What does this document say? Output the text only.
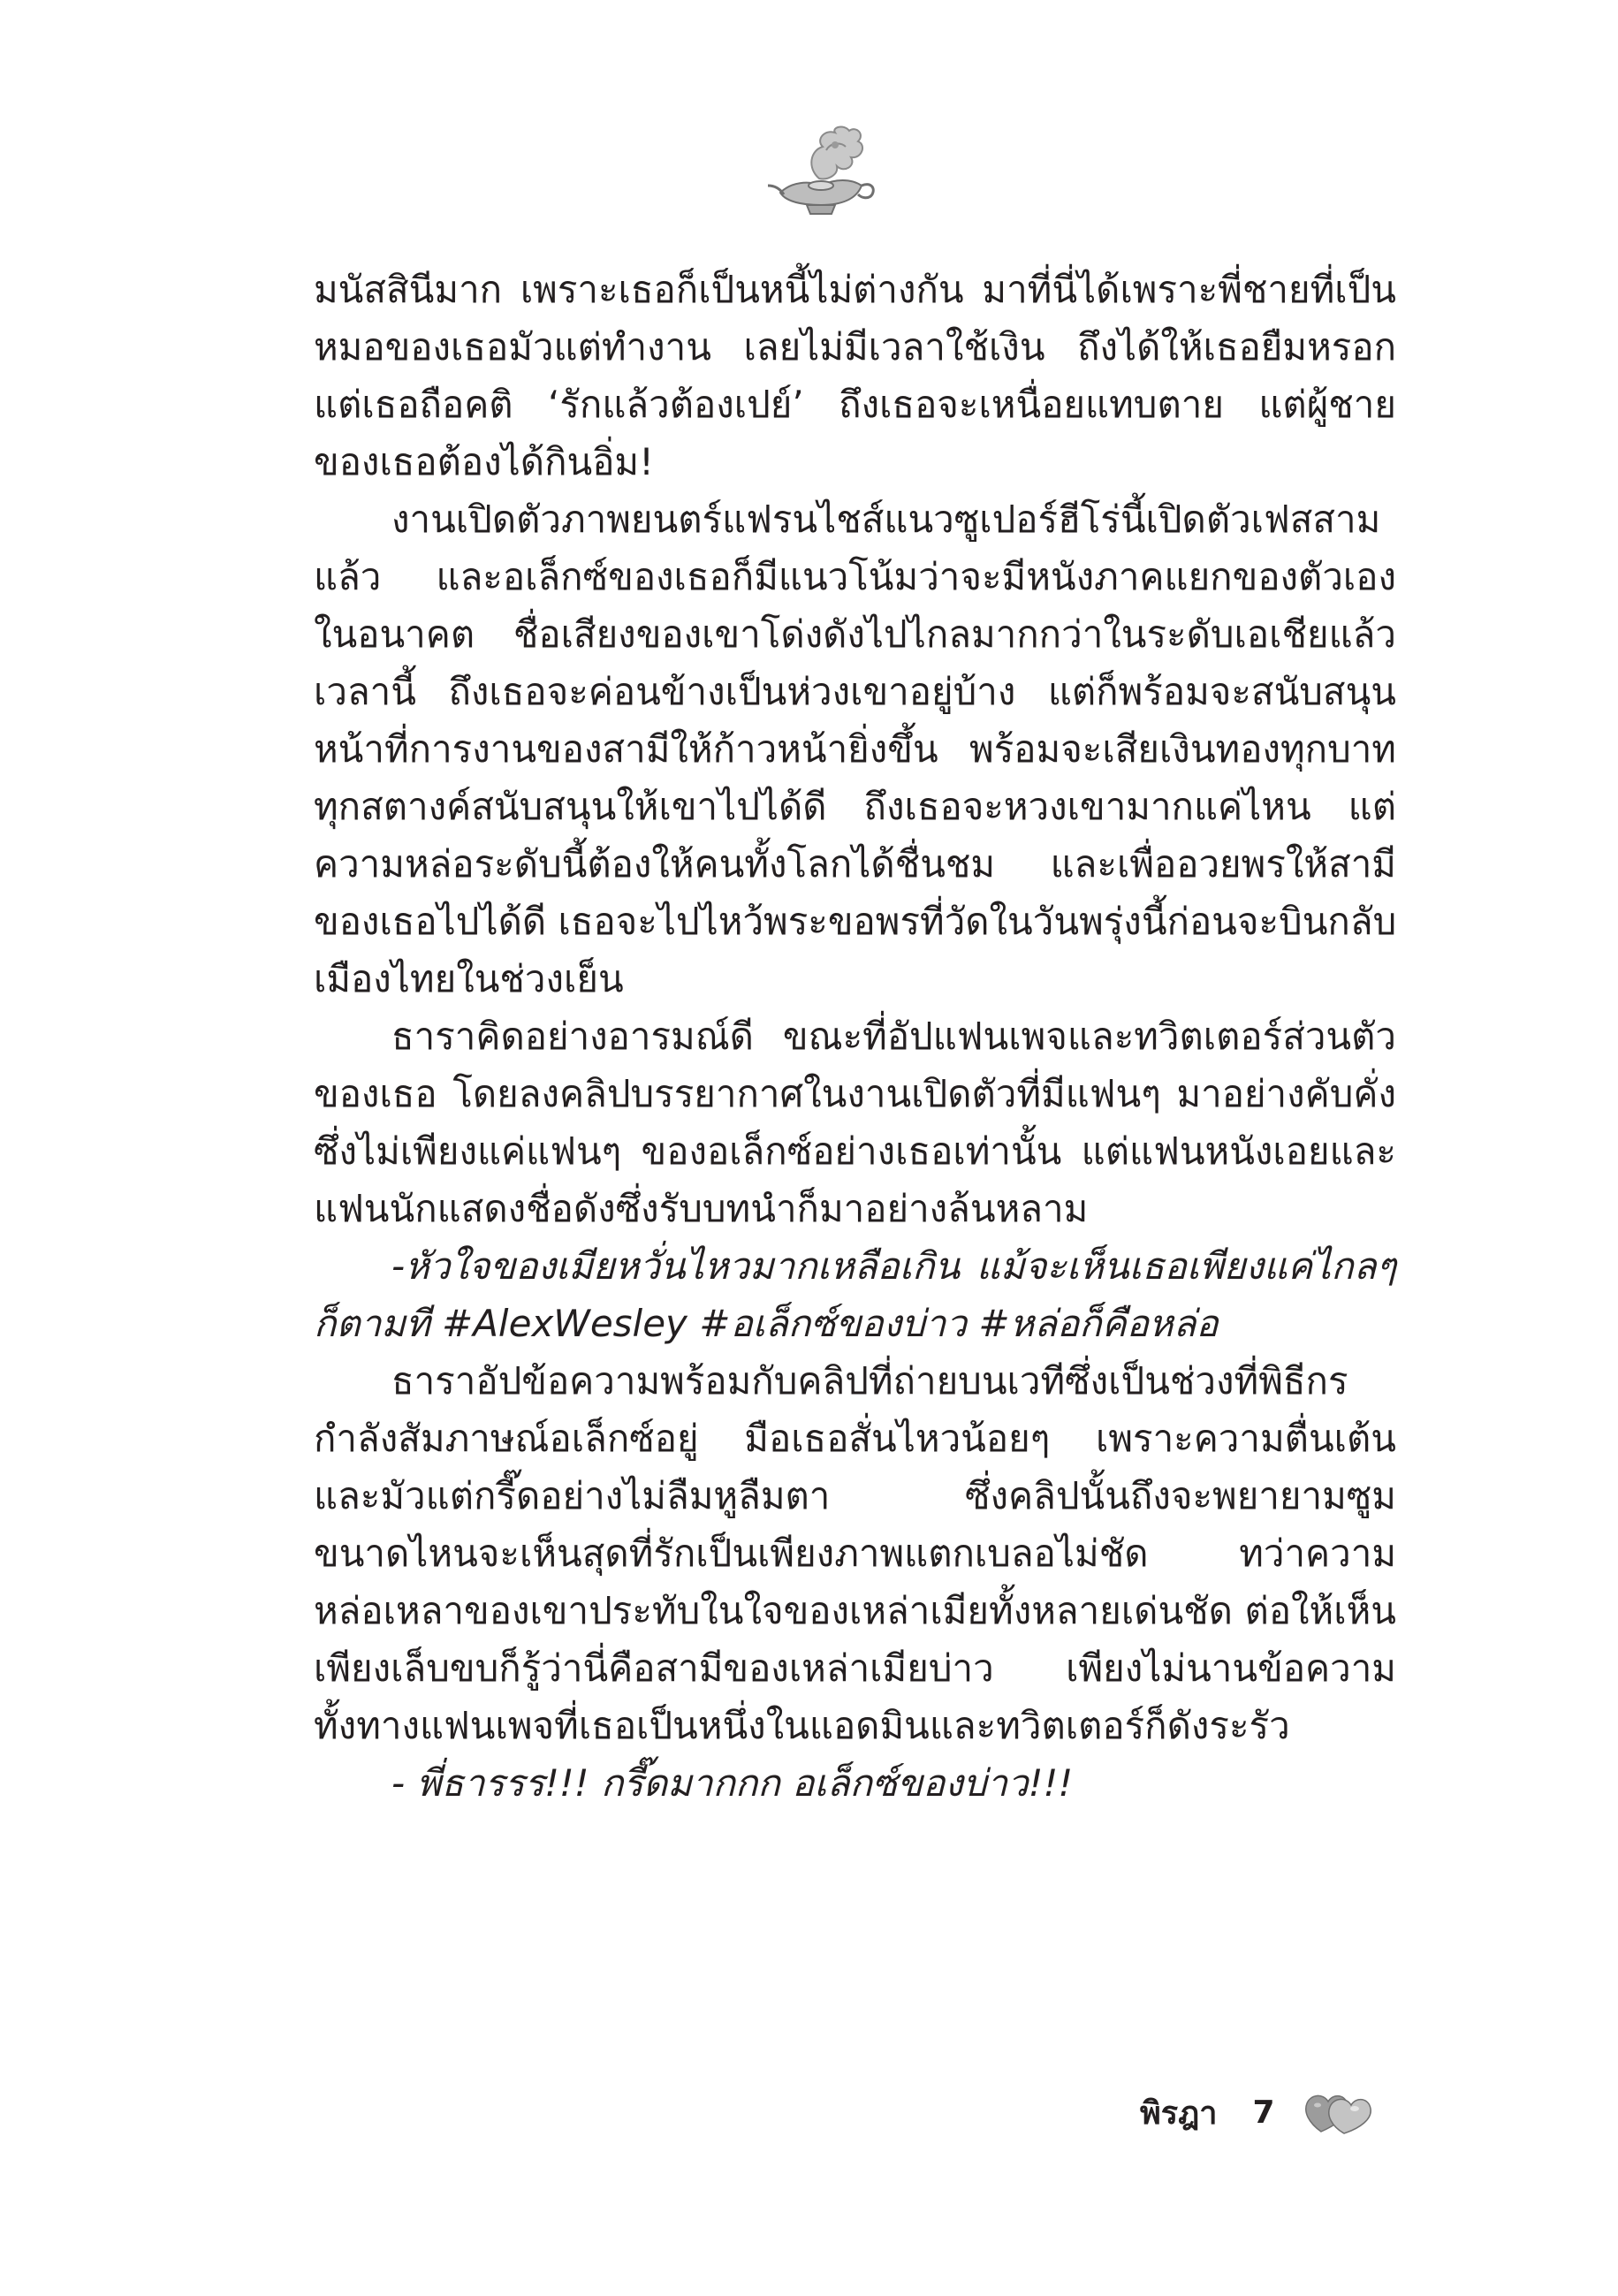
มนัสสินีมาก เพราะเธอก็เป็นหนี้ไม่ต่างกัน มาที่นี่ได้เพราะพี่ชายที่เป็น
หมอของเธอมัวแต่ทำงาน เลยไม่มีเวลาใช้เงิน ถึงได้ให้เธอยืมหรอก
แต่เธอถือคติ ‘รักแล้วต้องเปย์’ ถึงเธอจะเหนื่อยแทบตาย แต่ผู้ชาย
ของเธอต้องได้กินอิ่ม!
งานเปิดตัวภาพยนตร์แฟรนไชส์แนวซูเปอร์ฮีโร่นี้เปิดตัวเฟสสาม
แล้ว และอเล็กซ์ของเธอก็มีแนวโน้มว่าจะมีหนังภาคแยกของตัวเอง
ในอนาคต ชื่อเสียงของเขาโด่งดังไปไกลมากกว่าในระดับเอเชียแล้ว
เวลานี้ ถึงเธอจะค่อนข้างเป็นห่วงเขาอยู่บ้าง แต่ก็พร้อมจะสนับสนุน
หน้าที่การงานของสามีให้ก้าวหน้ายิ่งขึ้น พร้อมจะเสียเงินทองทุกบาท
ทุกสตางค์สนับสนุนให้เขาไปได้ดี ถึงเธอจะหวงเขามากแค่ไหน แต่
ความหล่อระดับนี้ต้องให้คนทั้งโลกได้ชื่นชม และเพื่ออวยพรให้สามี
ของเธอไปได้ดี เธอจะไปไหว้พระขอพรที่วัดในวันพรุ่งนี้ก่อนจะบินกลับ
เมืองไทยในช่วงเย็น
ธาราคิดอย่างอารมณ์ดี ขณะที่อัปแฟนเพจและทวิตเตอร์ส่วนตัว
ของเธอ โดยลงคลิปบรรยากาศในงานเปิดตัวที่มีแฟนๆ มาอย่างคับคั่ง
ซึ่งไม่เพียงแค่แฟนๆ ของอเล็กซ์อย่างเธอเท่านั้น แต่แฟนหนังเอยและ
แฟนนักแสดงชื่อดังซึ่งรับบทนำก็มาอย่างล้นหลาม
-หัวใจของเมียหวั่นไหวมากเหลือเกิน แม้จะเห็นเธอเพียงแค่ไกลๆ
ก็ตามที #AlexWesley #อเล็กซ์ของบ่าว #หล่อก็คือหล่อ
ธาราอัปข้อความพร้อมกับคลิปที่ถ่ายบนเวทีซึ่งเป็นช่วงที่พิธีกร
กำลังสัมภาษณ์อเล็กซ์อยู่ มือเธอสั่นไหวน้อยๆ เพราะความตื่นเต้น
และมัวแต่กรี๊ดอย่างไม่ลืมหูลืมตา ซึ่งคลิปนั้นถึงจะพยายามซูม
ขนาดไหนจะเห็นสุดที่รักเป็นเพียงภาพแตกเบลอไม่ชัด ทว่าความ
หล่อเหลาของเขาประทับในใจของเหล่าเมียทั้งหลายเด่นชัด ต่อให้เห็น
เพียงเล็บขบก็รู้ว่านี่คือสามีของเหล่าเมียบ่าว เพียงไม่นานข้อความ
ทั้งทางแฟนเพจที่เธอเป็นหนึ่งในแอดมินและทวิตเตอร์ก็ดังระรัว
- พี่ธารรร!!! กรี๊ดมากกก อเล็กซ์ของบ่าว!!!
พิรฎา 7
